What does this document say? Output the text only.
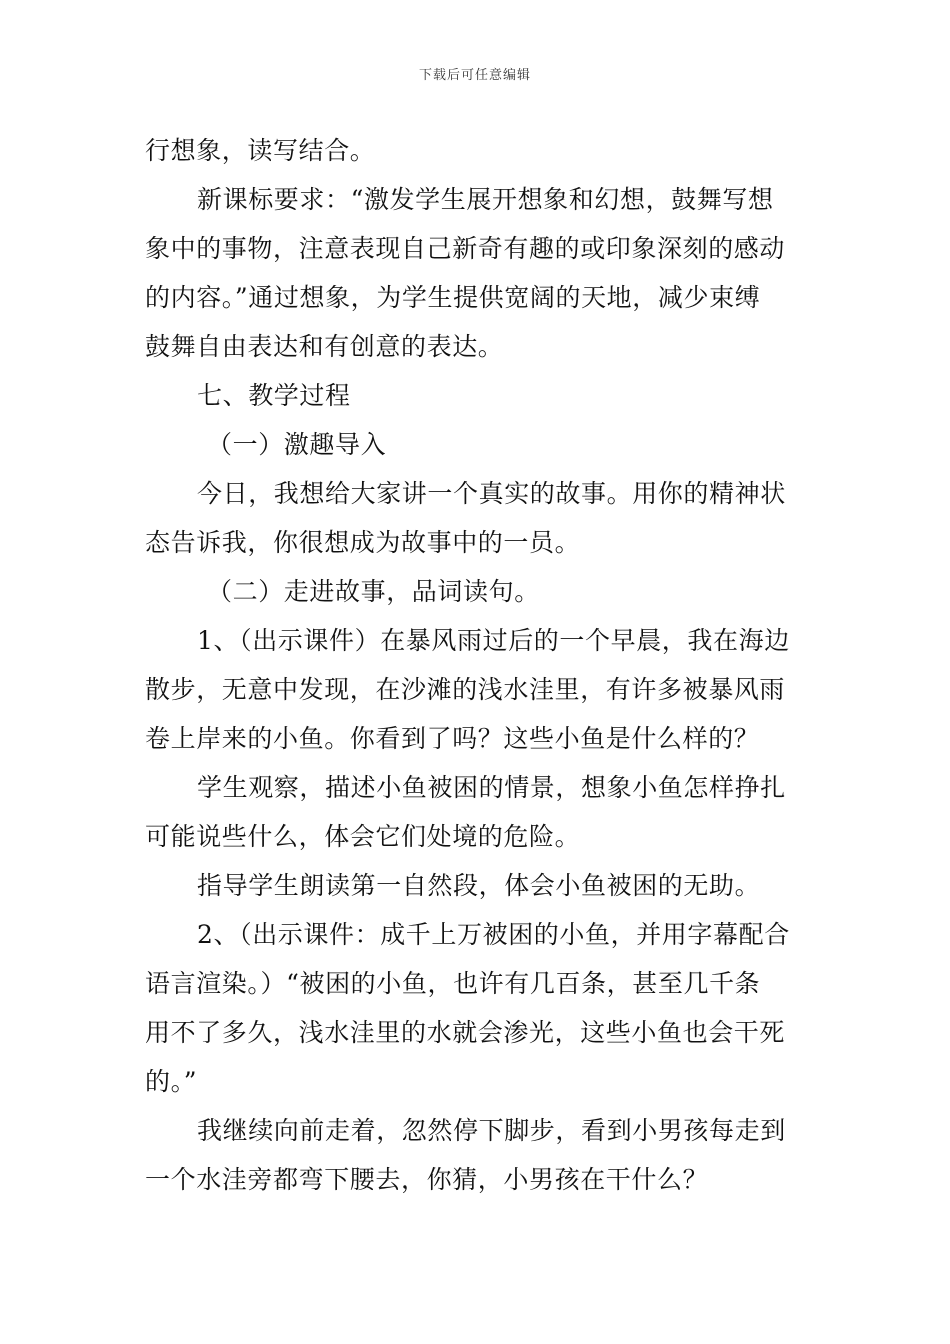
下载后可任意编辑
行想象，读写结合。
新课标要求：“激发学生展开想象和幻想，鼓舞写想
象中的事物，注意表现自己新奇有趣的或印象深刻的感动
的内容。”通过想象，为学生提供宽阔的天地，减少束缚
鼓舞自由表达和有创意的表达。
七、教学过程
（一）激趣导入
今日，我想给大家讲一个真实的故事。用你的精神状
态告诉我，你很想成为故事中的一员。
（二）走进故事，品词读句。
1、（出示课件）在暴风雨过后的一个早晨，我在海边
散步，无意中发现，在沙滩的浅水洼里，有许多被暴风雨
卷上岸来的小鱼。你看到了吗？这些小鱼是什么样的？
学生观察，描述小鱼被困的情景，想象小鱼怎样挣扎
可能说些什么，体会它们处境的危险。
指导学生朗读第一自然段，体会小鱼被困的无助。
2、（出示课件：成千上万被困的小鱼，并用字幕配合
语言渲染。）“被困的小鱼，也许有几百条，甚至几千条
用不了多久，浅水洼里的水就会渗光，这些小鱼也会干死
的。”
我继续向前走着，忽然停下脚步，看到小男孩每走到
一个水洼旁都弯下腰去，你猜，小男孩在干什么？
